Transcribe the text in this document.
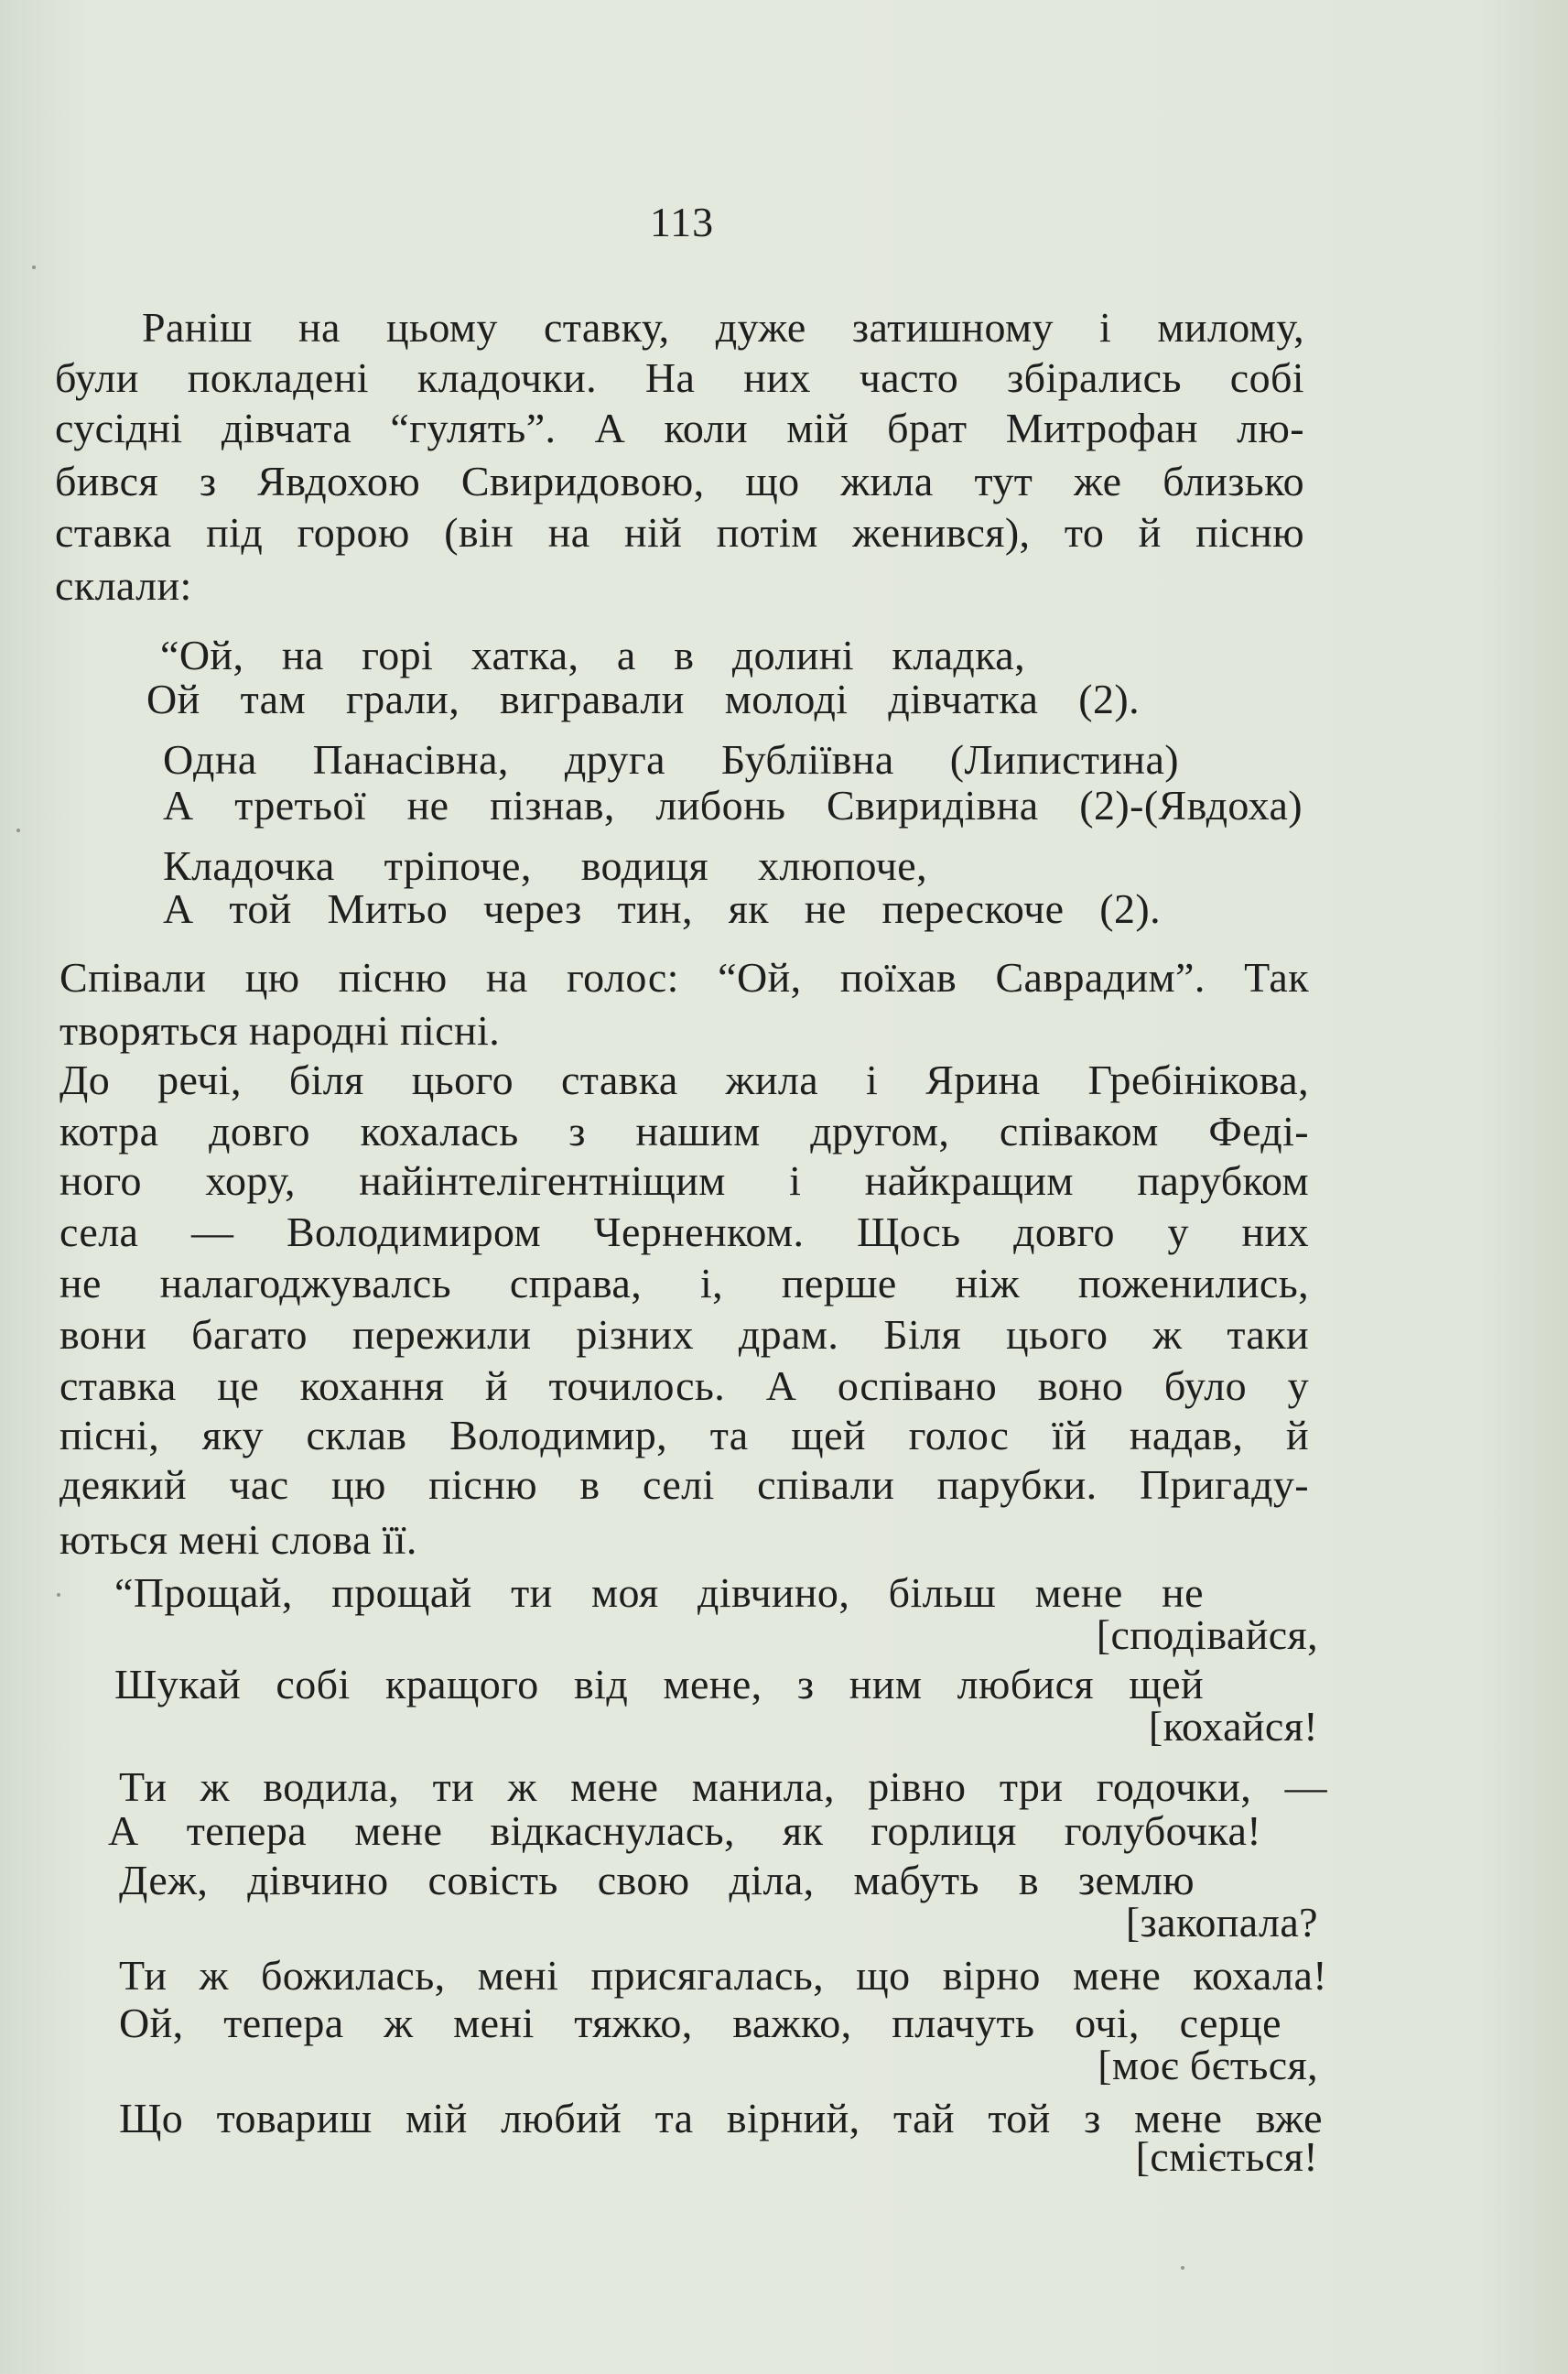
113

Раніш на цьому ставку, дуже затишному і милому,

були покладені кладочки. На них часто збірались собі

сусідні дівчата “гулять”. А коли мій брат Митрофан лю-

бився з Явдохою Свиридовою, що жила тут же близько

ставка під горою (він на ній потім женився), то й пісню

склали:

“Ой, на горі хатка, а в долині кладка,

Ой там грали, вигравали молоді дівчатка (2).

Одна Панасівна, друга Бублiївна (Липистина)

А третьої не пізнав, либонь Свиридівна (2)-(Явдоха)

Кладочка тріпоче, водиця хлюпоче,

А той Митьо через тин, як не перескоче (2).

Співали цю пісню на голос: “Ой, поїхав Саврадим”. Так

творяться народні пісні.

До речі, біля цього ставка жила і Ярина Гребінікова,

котра довго кохалась з нашим другом, співаком Феді-

ного хору, найінтелігентніщим і найкращим парубком

села — Володимиром Черненком. Щось довго у них

не налагоджувалсь справа, і, перше ніж поженились,

вони багато пережили різних драм. Біля цього ж таки

ставка це кохання й точилось. А оспівано воно було у

пісні, яку склав Володимир, та щей голос їй надав, й

деякий час цю пісню в селі співали парубки. Пригаду-

ються мені слова її.

“Прощай, прощай ти моя дівчино, більш мене не

[сподівайся,

Шукай собі кращого від мене, з ним любися щей

[кохайся!

Ти ж водила, ти ж мене манила, рівно три годочки, —

А тепера мене відкаснулась, як горлиця голубочка!

Деж, дівчино совість свою діла, мабуть в землю

[закопала?

Ти ж божилась, мені присягалась, що вірно мене кохала!

Ой, тепера ж мені тяжко, важко, плачуть очі, серце

[моє бється,

Що товариш мій любий та вірний, тай той з мене вже

[сміється!
